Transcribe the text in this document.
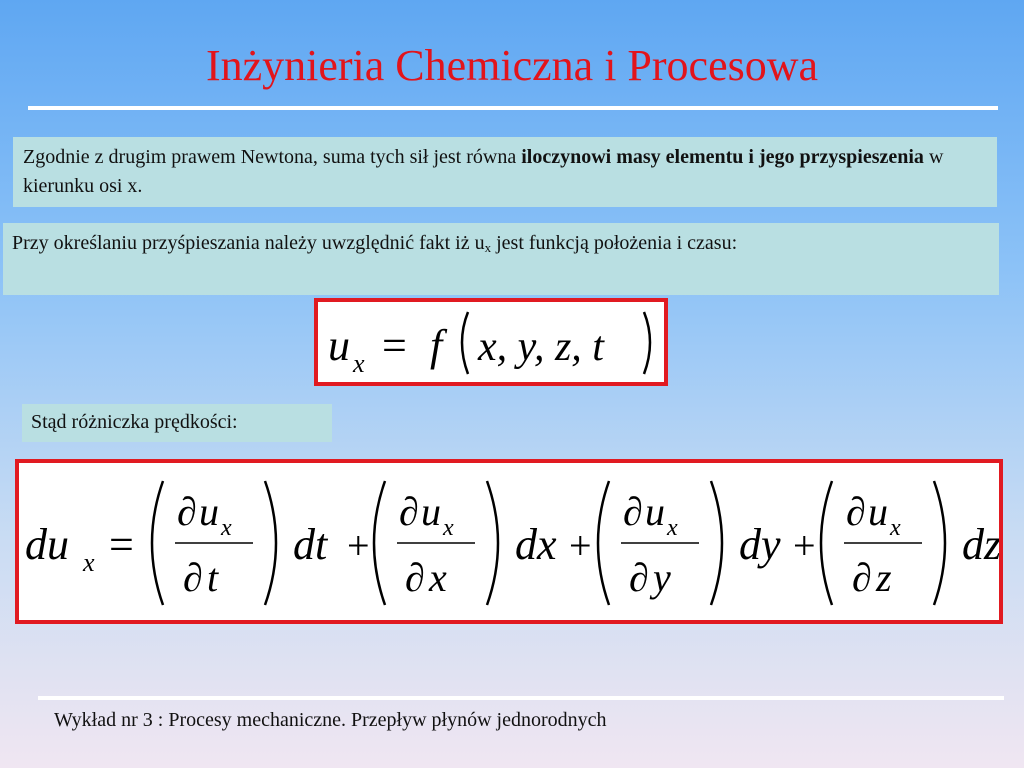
Inżynieria Chemiczna i Procesowa
Zgodnie z drugim prawem Newtona, suma tych sił jest równa iloczynowi masy elementu i jego przyspieszenia w kierunku osi x.
Przy określaniu przyśpieszania należy uwzględnić fakt iż $u_x$ jest funkcją położenia i czasu:
u x = f x, y, z, t
Stąd różniczka prędkości:
du x =
∂ u x
∂ t
dt +
∂ u x
∂ x
dx +
∂ u x
∂ y
dy +
∂ u x
∂ z
dz
Wykład nr 3 : Procesy mechaniczne. Przepływ płynów jednorodnych
